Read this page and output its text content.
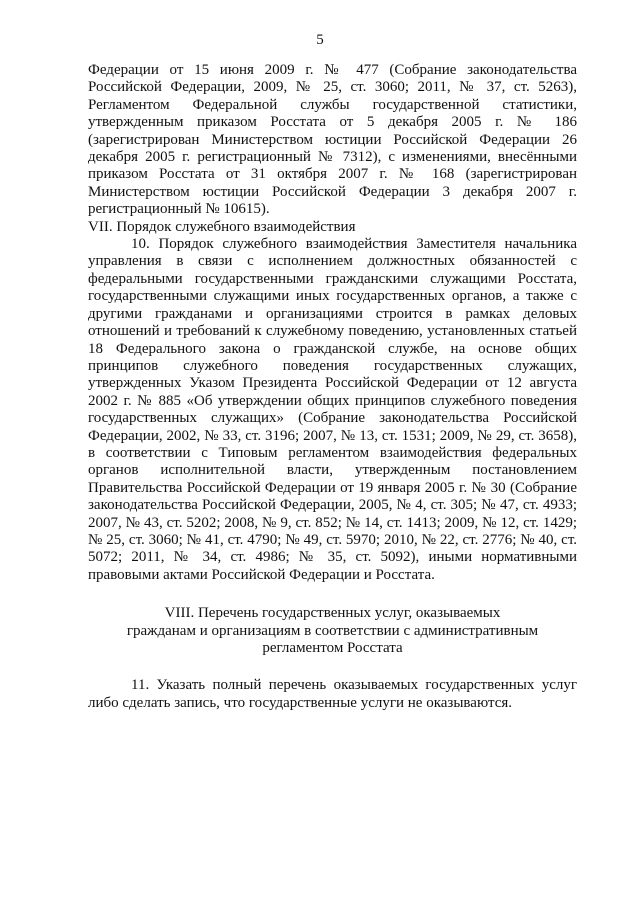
5

Федерации от 15 июня 2009 г. № 477 (Собрание законодательства Российской Федерации, 2009, № 25, ст. 3060; 2011, № 37, ст. 5263), Регламентом Федеральной службы государственной статистики, утвержденным приказом Росстата от 5 декабря 2005 г. № 186 (зарегистрирован Министерством юстиции Российской Федерации 26 декабря 2005 г. регистрационный № 7312), с изменениями, внесёнными приказом Росстата от 31 октября 2007 г. № 168 (зарегистрирован Министерством юстиции Российской Федерации 3 декабря 2007 г. регистрационный № 10615).

VII. Порядок служебного взаимодействия

10. Порядок служебного взаимодействия Заместителя начальника управления в связи с исполнением должностных обязанностей с федеральными государственными гражданскими служащими Росстата, государственными служащими иных государственных органов, а также с другими гражданами и организациями строится в рамках деловых отношений и требований к служебному поведению, установленных статьей 18 Федерального закона о гражданской службе, на основе общих принципов служебного поведения государственных служащих, утвержденных Указом Президента Российской Федерации от 12 августа 2002 г. № 885 «Об утверждении общих принципов служебного поведения государственных служащих» (Собрание законодательства Российской Федерации, 2002, № 33, ст. 3196; 2007, № 13, ст. 1531; 2009, № 29, ст. 3658), в соответствии с Типовым регламентом взаимодействия федеральных органов исполнительной власти, утвержденным постановлением Правительства Российской Федерации от 19 января 2005 г. № 30 (Собрание законодательства Российской Федерации, 2005, № 4, ст. 305; № 47, ст. 4933; 2007, № 43, ст. 5202; 2008, № 9, ст. 852; № 14, ст. 1413; 2009, № 12, ст. 1429; № 25, ст. 3060; № 41, ст. 4790; № 49, ст. 5970; 2010, № 22, ст. 2776; № 40, ст. 5072; 2011, № 34, ст. 4986; № 35, ст. 5092), иными нормативными правовыми актами Российской Федерации и Росстата.

VIII. Перечень государственных услуг, оказываемых
гражданам и организациям в соответствии с административным
регламентом Росстата

11. Указать полный перечень оказываемых государственных услуг либо сделать запись, что государственные услуги не оказываются.
